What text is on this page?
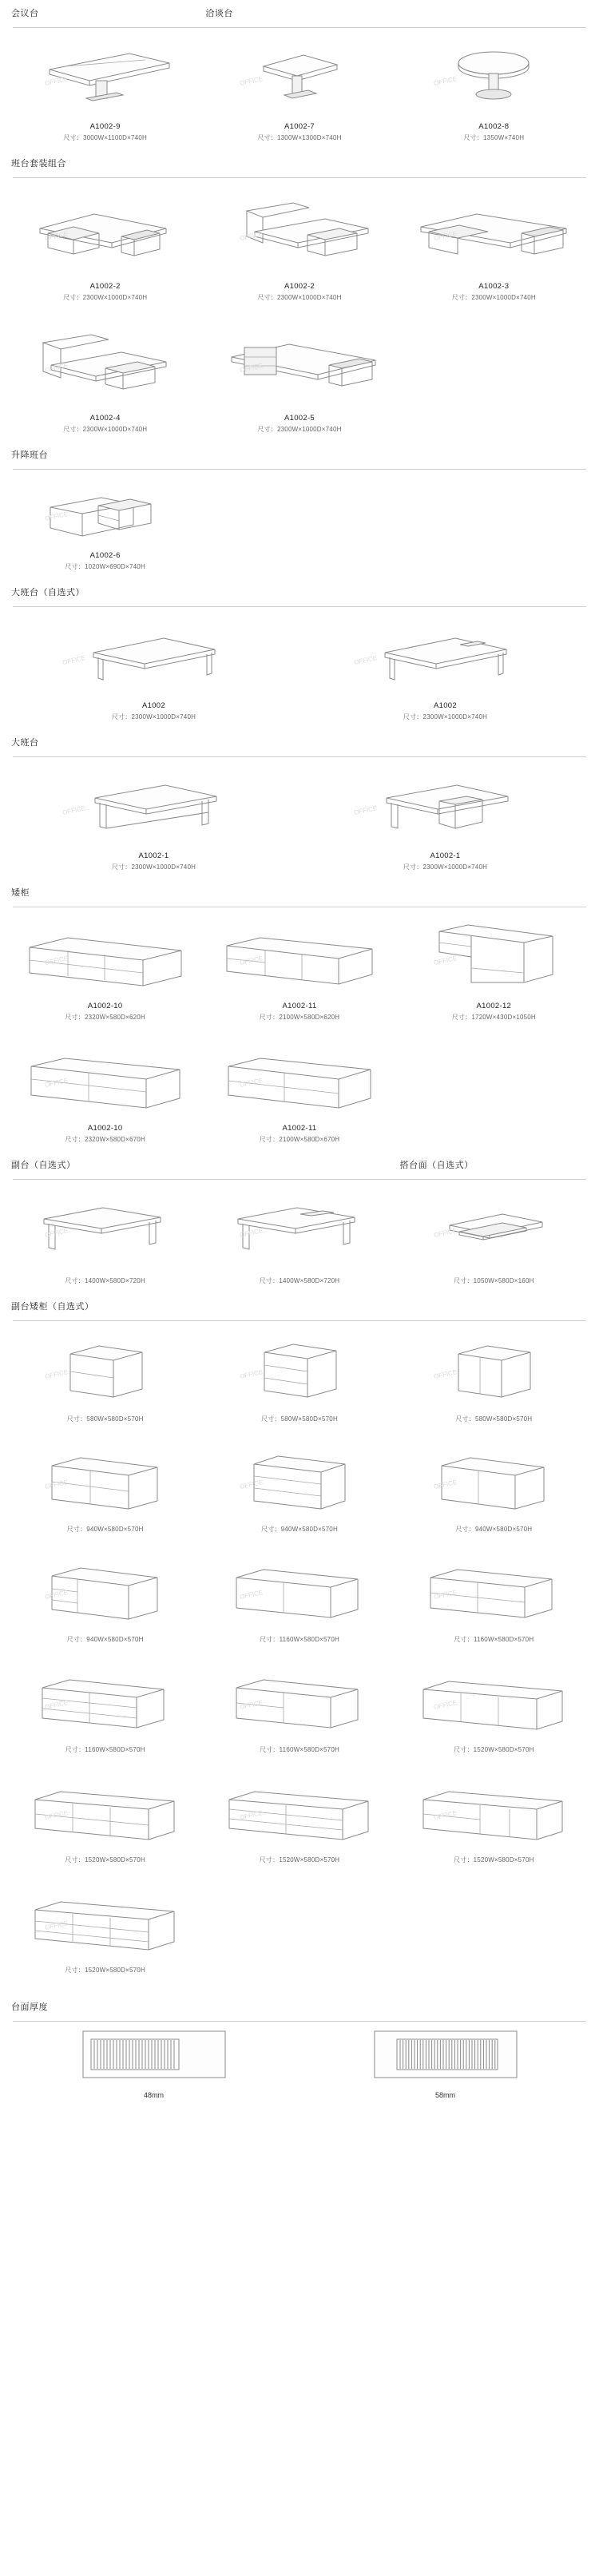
会议台	洽谈台
OFFICE
A1002-9
尺寸：3000W×1100D×740H
OFFICE
A1002-7
尺寸：1300W×1300D×740H
OFFICE
A1002-8
尺寸：1350W×740H
班台套装组合
OFFICE
A1002-2
尺寸：2300W×1000D×740H
OFFICE
A1002-2
尺寸：2300W×1000D×740H
OFFICE
A1002-3
尺寸：2300W×1000D×740H
OFFICE
A1002-4
尺寸：2300W×1000D×740H
OFFICE
A1002-5
尺寸：2300W×1000D×740H
升降班台
OFFICE
A1002-6
尺寸：1020W×690D×740H
大班台（自选式）
OFFICE
A1002
尺寸：2300W×1000D×740H
OFFICE
A1002
尺寸：2300W×1000D×740H
大班台
OFFICE
A1002-1
尺寸：2300W×1000D×740H
OFFICE
A1002-1
尺寸：2300W×1000D×740H
矮柜
OFFICE
A1002-10
尺寸：2320W×580D×620H
OFFICE
A1002-11
尺寸：2100W×580D×620H
OFFICE
A1002-12
尺寸：1720W×430D×1050H
OFFICE
A1002-10
尺寸：2320W×580D×670H
OFFICE
A1002-11
尺寸：2100W×580D×670H
副台（自选式）	搭台面（自选式）
OFFICE
尺寸：1400W×580D×720H
OFFICE
尺寸：1400W×580D×720H
OFFICE
尺寸：1050W×580D×160H
副台矮柜（自选式）
OFFICE
尺寸：580W×580D×570H
OFFICE
尺寸：580W×580D×570H
OFFICE
尺寸：580W×580D×570H
OFFICE
尺寸：940W×580D×570H
OFFICE
尺寸：940W×580D×570H
OFFICE
尺寸：940W×580D×570H
OFFICE
尺寸：940W×580D×570H
OFFICE
尺寸：1160W×580D×570H
OFFICE
尺寸：1160W×580D×570H
OFFICE
尺寸：1160W×580D×570H
OFFICE
尺寸：1160W×580D×570H
OFFICE
尺寸：1520W×580D×570H
OFFICE
尺寸：1520W×580D×570H
OFFICE
尺寸：1520W×580D×570H
OFFICE
尺寸：1520W×580D×570H
OFFICE
尺寸：1520W×580D×570H
台面厚度
48mm	58mm
